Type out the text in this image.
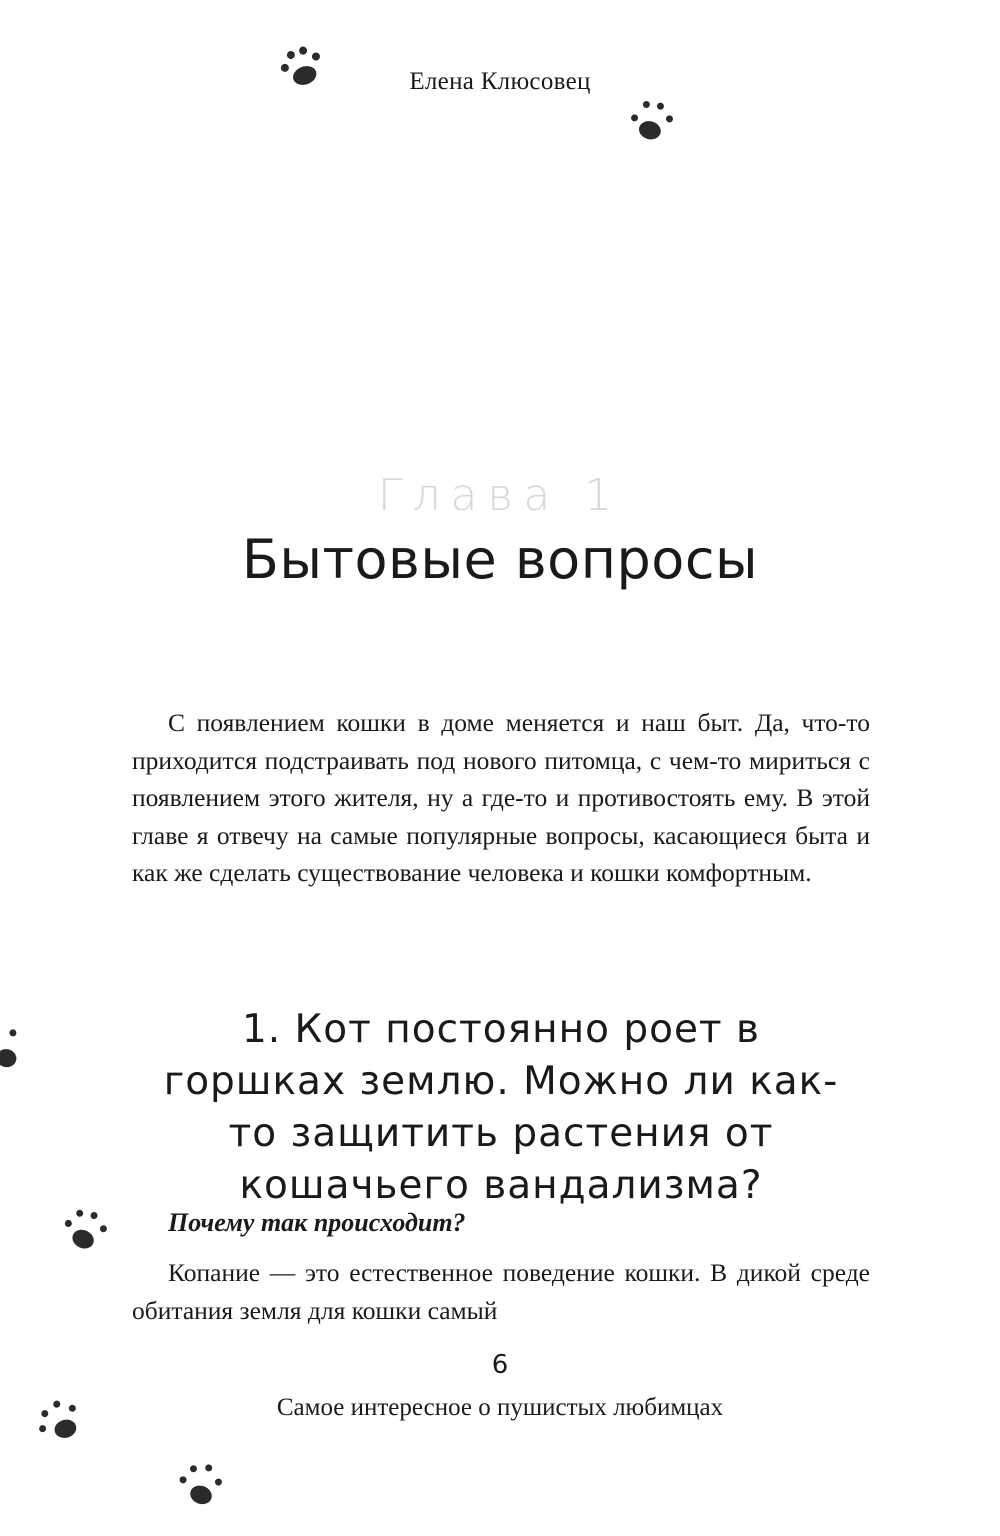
Елена Клюсовец
Глава 1
Бытовые вопросы

С появлением кошки в доме меняется и наш быт. Да, что-то приходится подстраивать под нового питомца, с чем-то мириться с появлением этого жителя, ну а где-то и противостоять ему. В этой главе я отвечу на самые популярные вопросы, касающиеся быта и как же сделать существование человека и кошки комфортным.

1. Кот постоянно роет в горшках землю. Можно ли как-то защитить растения от кошачьего вандализма?

Почему так происходит?

Копание — это естественное поведение кошки. В дикой среде обитания земля для кошки самый

6
Самое интересное о пушистых любимцах
